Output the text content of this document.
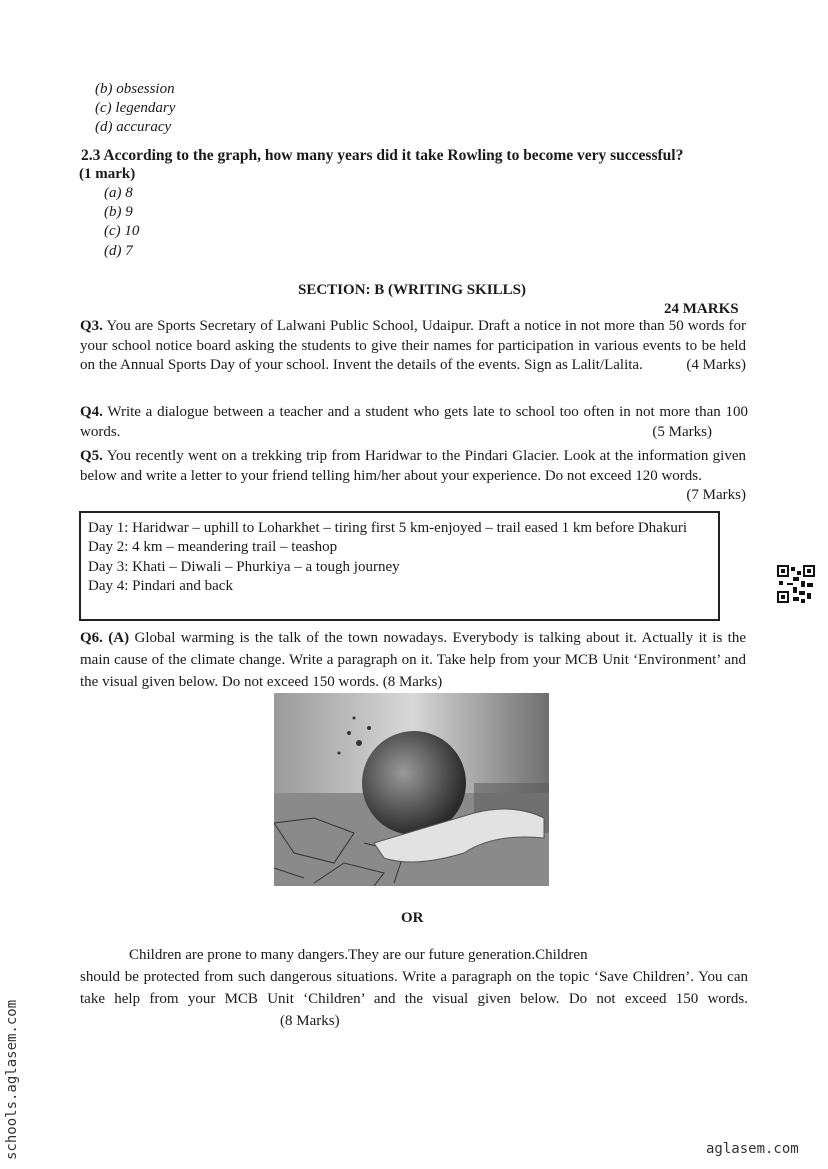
(b) obsession
(c) legendary
(d) accuracy
2.3 According to the graph, how many years did it take Rowling to become very successful?
(1 mark)
(a) 8
(b) 9
(c) 10
(d) 7
SECTION: B (WRITING SKILLS)
24 MARKS
Q3. You are Sports Secretary of Lalwani Public School, Udaipur. Draft a notice in not more than 50 words for your school notice board asking the students to give their names for participation in various events to be held on the Annual Sports Day of your school. Invent the details of the events. Sign as Lalit/Lalita.	(4 Marks)
Q4. Write a dialogue between a teacher and a student who gets late to school too often in not more than 100 words.	(5 Marks)
Q5. You recently went on a trekking trip from Haridwar to the Pindari Glacier. Look at the information given below and write a letter to your friend telling him/her about your experience. Do not exceed 120 words.
(7 Marks)
Day 1: Haridwar – uphill to Loharkhet – tiring first 5 km-enjoyed – trail eased 1 km before Dhakuri
Day 2: 4 km – meandering trail – teashop
Day 3: Khati – Diwali – Phurkiya – a tough journey
Day 4: Pindari and back
Q6. (A) Global warming is the talk of the town nowadays. Everybody is talking about it. Actually it is the main cause of the climate change. Write a paragraph on it. Take help from your MCB Unit ‘Environment’ and the visual given below. Do not exceed 150 words. (8 Marks)
OR
Children are prone to many dangers.They are our future generation.Children
should be protected from such dangerous situations. Write a paragraph on the topic ‘Save Children’. You can take help from your MCB Unit ‘Children’ and the visual given below. Do not exceed 150 words. (8 Marks)
schools.aglasem.com	aglasem.com
